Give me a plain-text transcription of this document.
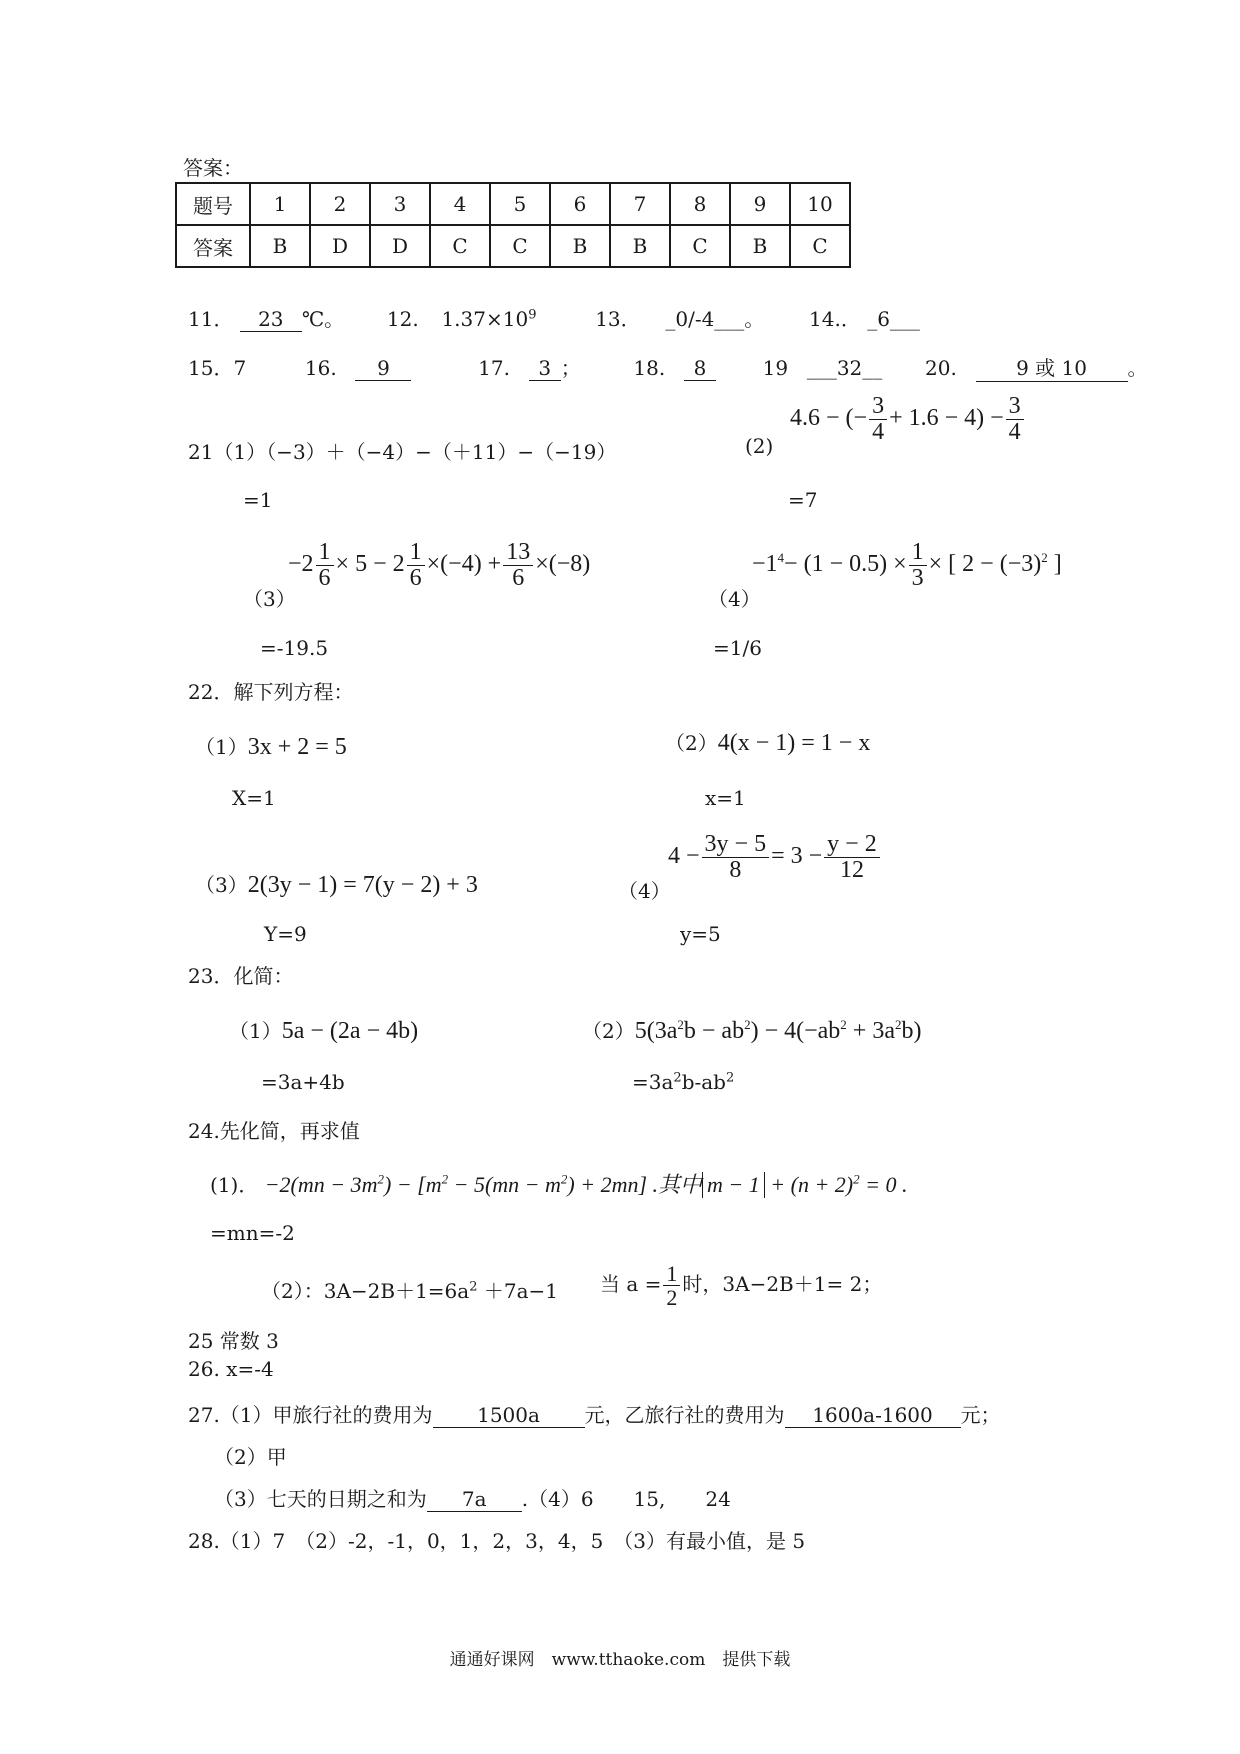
答案：
题号	1	2	3	4	5	6	7	8	9	10
答案	B	D	D	C	C	B	B	C	B	C
11． 23 ℃。 12. $1.37\times 10^9$	13． _0/-4___。 14.． _6___
15．7	16. 9	17. 3 ；	18. 8	19 ___32__ 20.	9 或 10 。
21（1）（−3）＋（−4）−（＋11）−（−19）
=1
(2)
4.6 − (− $\frac{3}{4} + 1.6 - 4) - \frac{3}{4}$
=7
（3）
$-2 \frac{1}{6} \times 5 - 2 \frac{1}{6} \times(-4) + \frac{13}{6} \times(-8)$
=-19.5
（4）
$-1^4- (1 - 0.5) \times \frac{1}{3}$ × [ $2 - (-3)^2$ ]
=1/6
22．解下列方程：
（1）3x + 2 = 5
X=1
（2）4(x − 1) = 1 − x
x=1
（3）2(3y − 1) = 7(y − 2) + 3
Y=9
（4）
$4 - \frac{3y - 5}{8} = 3 - \frac{y - 2}{12}$
y=5
23．化简：
（1）5a − (2a − 4b)
=3a+4b
$(2)5(3a^2b - ab^2) - 4(-ab^2 + 3a^2b)$
$=3a^2b-ab^2$
24.先化简，再求值
(1)． $-2(mn - 3m^2) - [m^2 - 5(mn - m^2) + 2mn]$ .其中 $m - 1 + (n + 2)^2 = 0$ .
=mn=-2
（2）：$3A-2B+1=6a^2 +7a-1$ 当 $a = \frac{1}{2}$ 时，3A−2B＋1= 2；
25 常数 3
26. x=-4
27.（1）甲旅行社的费用为 1500a 元，乙旅行社的费用为 1600a-1600 元；
（2）甲
（3）七天的日期之和为 7a .（4）6　　15,　　24
28.（1）7　（2）-2，-1，0，1，2，3，4，5　（3）有最小值，是 5
通通好课网　www.tthaoke.com　提供下载
